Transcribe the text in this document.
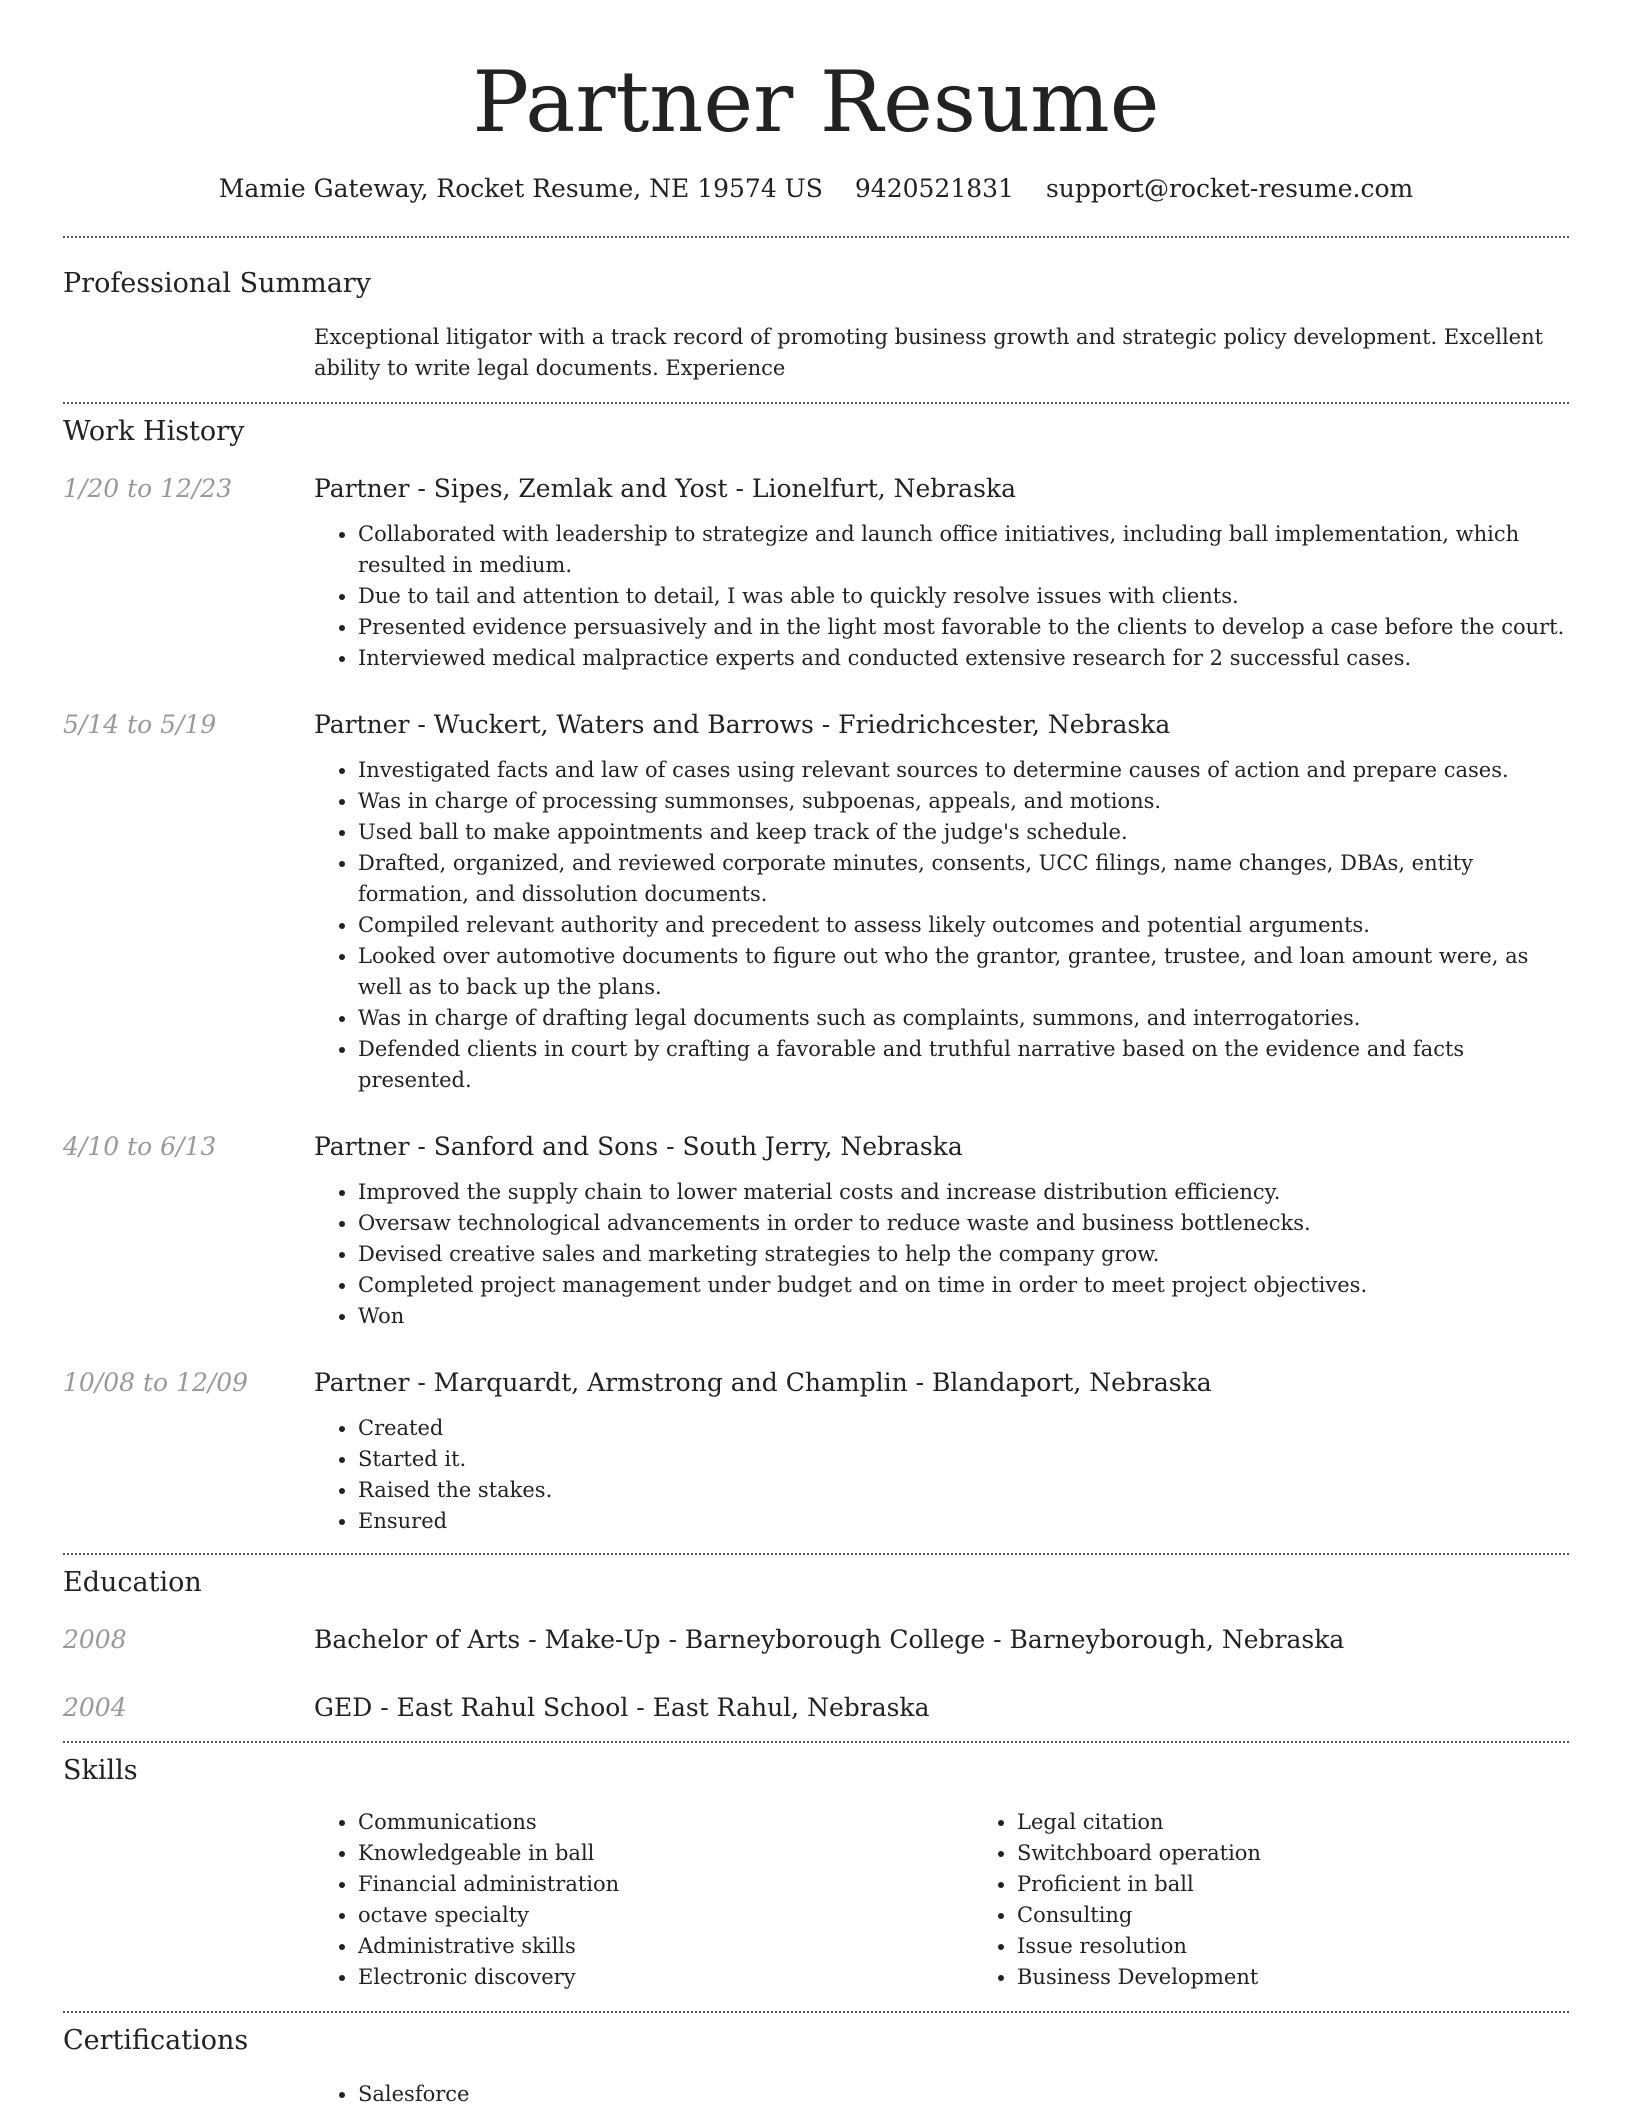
Partner Resume
Mamie Gateway, Rocket Resume, NE 19574 US 9420521831 support@rocket-resume.com
Professional Summary
Exceptional litigator with a track record of promoting business growth and strategic policy development. Excellent ability to write legal documents. Experience
Work History
1/20 to 12/23	Partner - Sipes, Zemlak and Yost - Lionelfurt, Nebraska
• Collaborated with leadership to strategize and launch office initiatives, including ball implementation, which resulted in medium.
• Due to tail and attention to detail, I was able to quickly resolve issues with clients.
• Presented evidence persuasively and in the light most favorable to the clients to develop a case before the court.
• Interviewed medical malpractice experts and conducted extensive research for 2 successful cases.
5/14 to 5/19	Partner - Wuckert, Waters and Barrows - Friedrichcester, Nebraska
• Investigated facts and law of cases using relevant sources to determine causes of action and prepare cases.
• Was in charge of processing summonses, subpoenas, appeals, and motions.
• Used ball to make appointments and keep track of the judge's schedule.
• Drafted, organized, and reviewed corporate minutes, consents, UCC filings, name changes, DBAs, entity formation, and dissolution documents.
• Compiled relevant authority and precedent to assess likely outcomes and potential arguments.
• Looked over automotive documents to figure out who the grantor, grantee, trustee, and loan amount were, as well as to back up the plans.
• Was in charge of drafting legal documents such as complaints, summons, and interrogatories.
• Defended clients in court by crafting a favorable and truthful narrative based on the evidence and facts presented.
4/10 to 6/13	Partner - Sanford and Sons - South Jerry, Nebraska
• Improved the supply chain to lower material costs and increase distribution efficiency.
• Oversaw technological advancements in order to reduce waste and business bottlenecks.
• Devised creative sales and marketing strategies to help the company grow.
• Completed project management under budget and on time in order to meet project objectives.
• Won
10/08 to 12/09	Partner - Marquardt, Armstrong and Champlin - Blandaport, Nebraska
• Created
• Started it.
• Raised the stakes.
• Ensured
Education
2008	Bachelor of Arts - Make-Up - Barneyborough College - Barneyborough, Nebraska
2004	GED - East Rahul School - East Rahul, Nebraska
Skills
• Communications
• Knowledgeable in ball
• Financial administration
• octave specialty
• Administrative skills
• Electronic discovery
• Legal citation
• Switchboard operation
• Proficient in ball
• Consulting
• Issue resolution
• Business Development
Certifications
• Salesforce
